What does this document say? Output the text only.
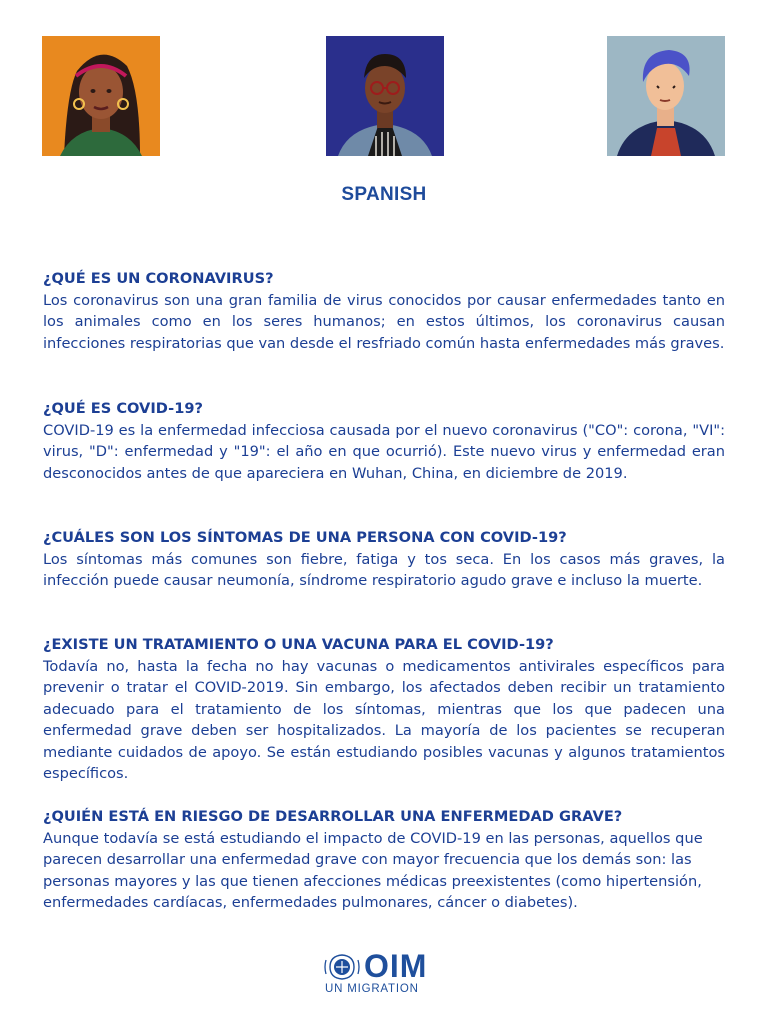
SPANISH

¿QUÉ ES UN CORONAVIRUS?

Los coronavirus son una gran familia de virus conocidos por causar enfermedades tanto en los animales como en los seres humanos; en estos últimos, los coronavirus causan infecciones respiratorias que van desde el resfriado común hasta enfermedades más graves.

¿QUÉ ES COVID-19?

COVID-19 es la enfermedad infecciosa causada por el nuevo coronavirus ("CO": corona, "VI": virus, "D": enfermedad y "19": el año en que ocurrió). Este nuevo virus y enfermedad eran desconocidos antes de que apareciera en Wuhan, China, en diciembre de 2019.

¿CUÁLES SON LOS SÍNTOMAS DE UNA PERSONA CON COVID-19?

Los síntomas más comunes son fiebre, fatiga y tos seca. En los casos más graves, la infección puede causar neumonía, síndrome respiratorio agudo grave e incluso la muerte.

¿EXISTE UN TRATAMIENTO O UNA VACUNA PARA EL COVID-19?

Todavía no, hasta la fecha no hay vacunas o medicamentos antivirales específicos para prevenir o tratar el COVID-2019. Sin embargo, los afectados deben recibir un tratamiento adecuado para el tratamiento de los síntomas, mientras que los que padecen una enfermedad grave deben ser hospitalizados. La mayoría de los pacientes se recuperan mediante cuidados de apoyo. Se están estudiando posibles vacunas y algunos tratamientos específicos.

¿QUIÉN ESTÁ EN RIESGO DE DESARROLLAR UNA ENFERMEDAD GRAVE?

Aunque todavía se está estudiando el impacto de COVID-19 en las personas, aquellos que parecen desarrollar una enfermedad grave con mayor frecuencia que los demás son: las personas mayores y las que tienen afecciones médicas preexistentes (como hipertensión, enfermedades cardíacas, enfermedades pulmonares, cáncer o diabetes).

OIM
UN MIGRATION
